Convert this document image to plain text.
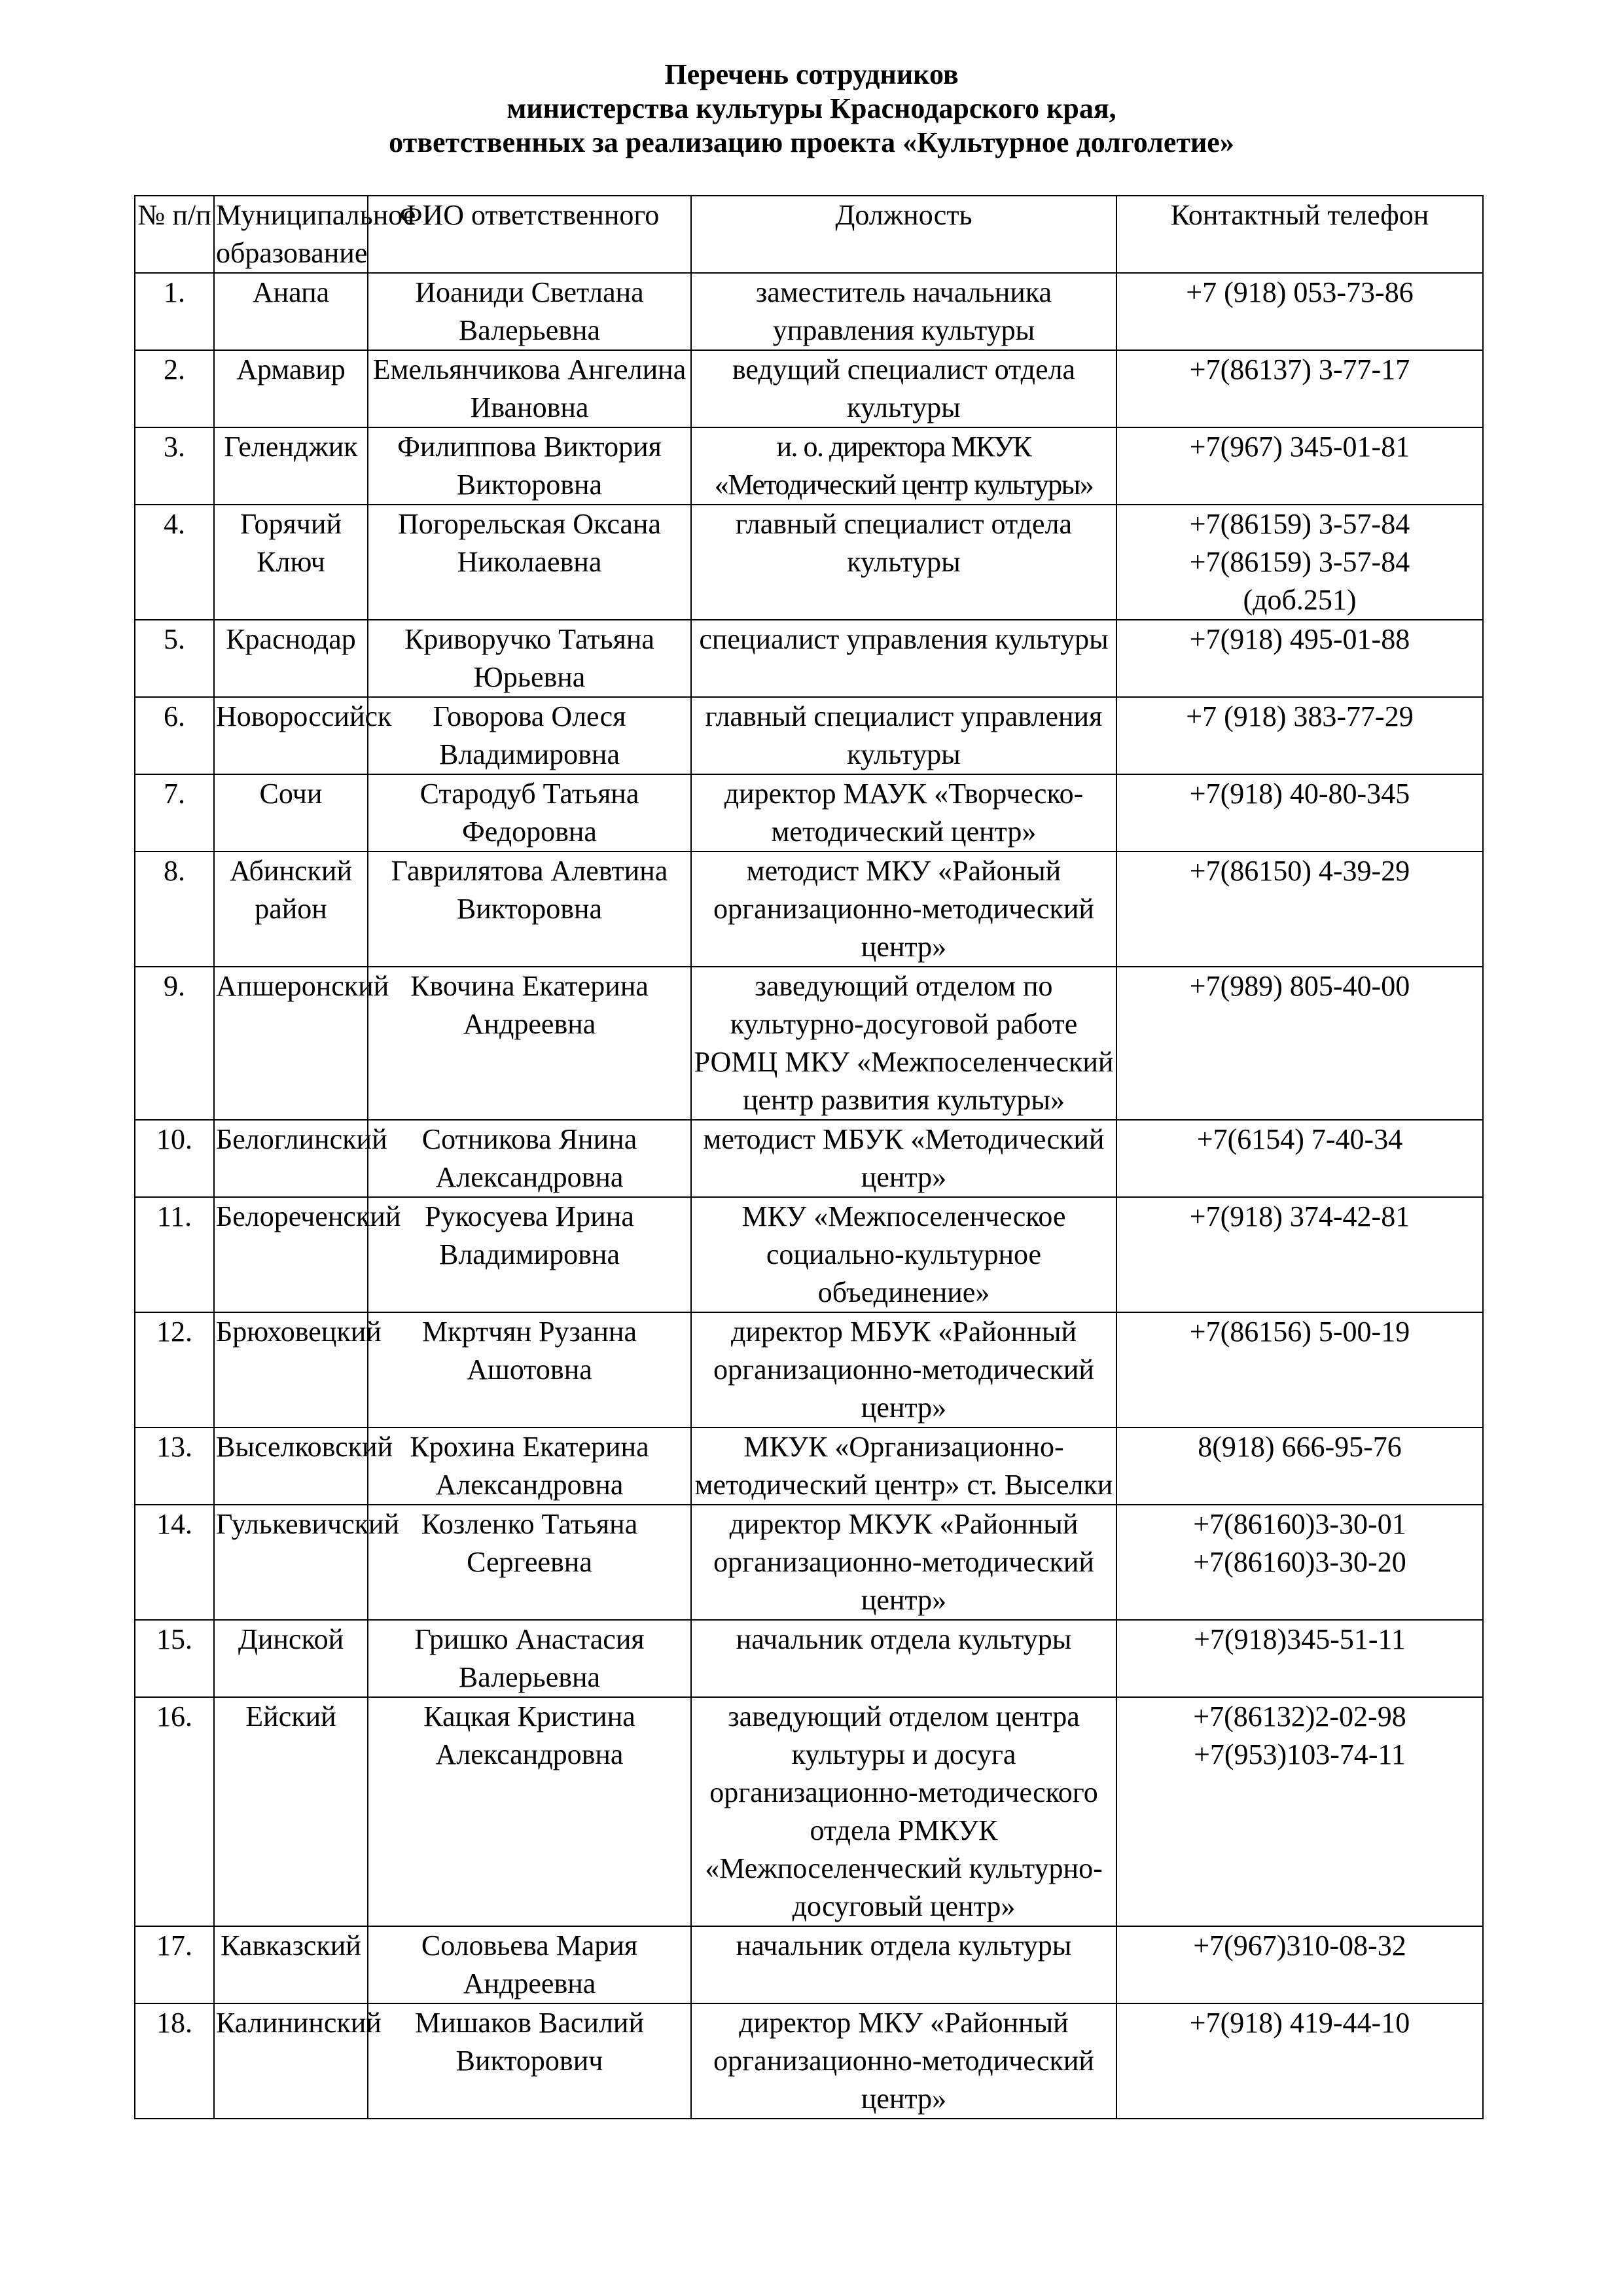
Перечень сотрудников
министерства культуры Краснодарского края,
ответственных за реализацию проекта «Культурное долголетие»
№ п/п	Муниципальное образование	ФИО ответственного	Должность	Контактный телефон
1.	Анапа	Иоаниди Светлана Валерьевна	заместитель начальника управления культуры	+7 (918) 053-73-86
2.	Армавир	Емельянчикова Ангелина Ивановна	ведущий специалист отдела культуры	+7(86137) 3-77-17
3.	Геленджик	Филиппова Виктория Викторовна	и. о. директора МКУК «Методический центр культуры»	+7(967) 345-01-81
4.	Горячий Ключ	Погорельская Оксана Николаевна	главный специалист отдела культуры	+7(86159) 3-57-84
+7(86159) 3-57-84
(доб.251)
5.	Краснодар	Криворучко Татьяна Юрьевна	специалист управления культуры	+7(918) 495-01-88
6.	Новороссийск	Говорова Олеся Владимировна	главный специалист управления культуры	+7 (918) 383-77-29
7.	Сочи	Стародуб Татьяна Федоровна	директор МАУК «Творческо-методический центр»	+7(918) 40-80-345
8.	Абинский район	Гаврилятова Алевтина Викторовна	методист МКУ «Районый организационно-методический центр»	+7(86150) 4-39-29
9.	Апшеронский	Квочина Екатерина Андреевна	заведующий отделом по культурно-досуговой работе РОМЦ МКУ «Межпоселенческий центр развития культуры»	+7(989) 805-40-00
10.	Белоглинский	Сотникова Янина Александровна	методист МБУК «Методический центр»	+7(6154) 7-40-34
11.	Белореченский	Рукосуева Ирина Владимировна	МКУ «Межпоселенческое социально-культурное объединение»	+7(918) 374-42-81
12.	Брюховецкий	Мкртчян Рузанна Ашотовна	директор МБУК «Районный организационно-методический центр»	+7(86156) 5-00-19
13.	Выселковский	Крохина Екатерина Александровна	МКУК «Организационно-методический центр» ст. Выселки	8(918) 666-95-76
14.	Гулькевичский	Козленко Татьяна Сергеевна	директор МКУК «Районный организационно-методический центр»	+7(86160)3-30-01
+7(86160)3-30-20
15.	Динской	Гришко Анастасия Валерьевна	начальник отдела культуры	+7(918)345-51-11
16.	Ейский	Кацкая Кристина Александровна	заведующий отделом центра культуры и досуга организационно-методического отдела РМКУК «Межпоселенческий культурно-досуговый центр»	+7(86132)2-02-98
+7(953)103-74-11
17.	Кавказский	Соловьева Мария Андреевна	начальник отдела культуры	+7(967)310-08-32
18.	Калининский	Мишаков Василий Викторович	директор МКУ «Районный организационно-методический центр»	+7(918) 419-44-10
